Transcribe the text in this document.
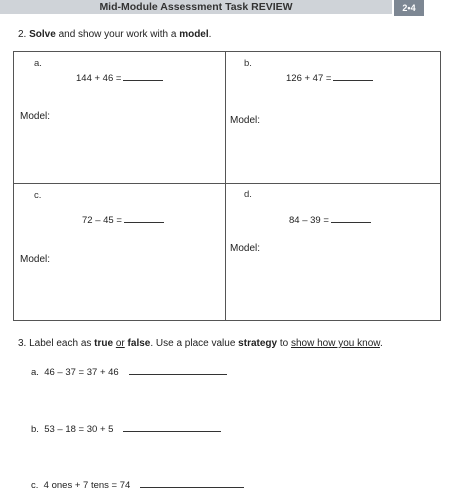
Mid-Module Assessment Task REVIEW	2•4
2. Solve and show your work with a model.
a.
144 + 46 =
Model:
b.
126 + 47 =
Model:
c.
72 – 45 =
Model:
d.
84 – 39 =
Model:
3. Label each as true or false. Use a place value strategy to show how you know.
a. 46 – 37 = 37 + 46
b. 53 – 18 = 30 + 5
c. 4 ones + 7 tens = 74
